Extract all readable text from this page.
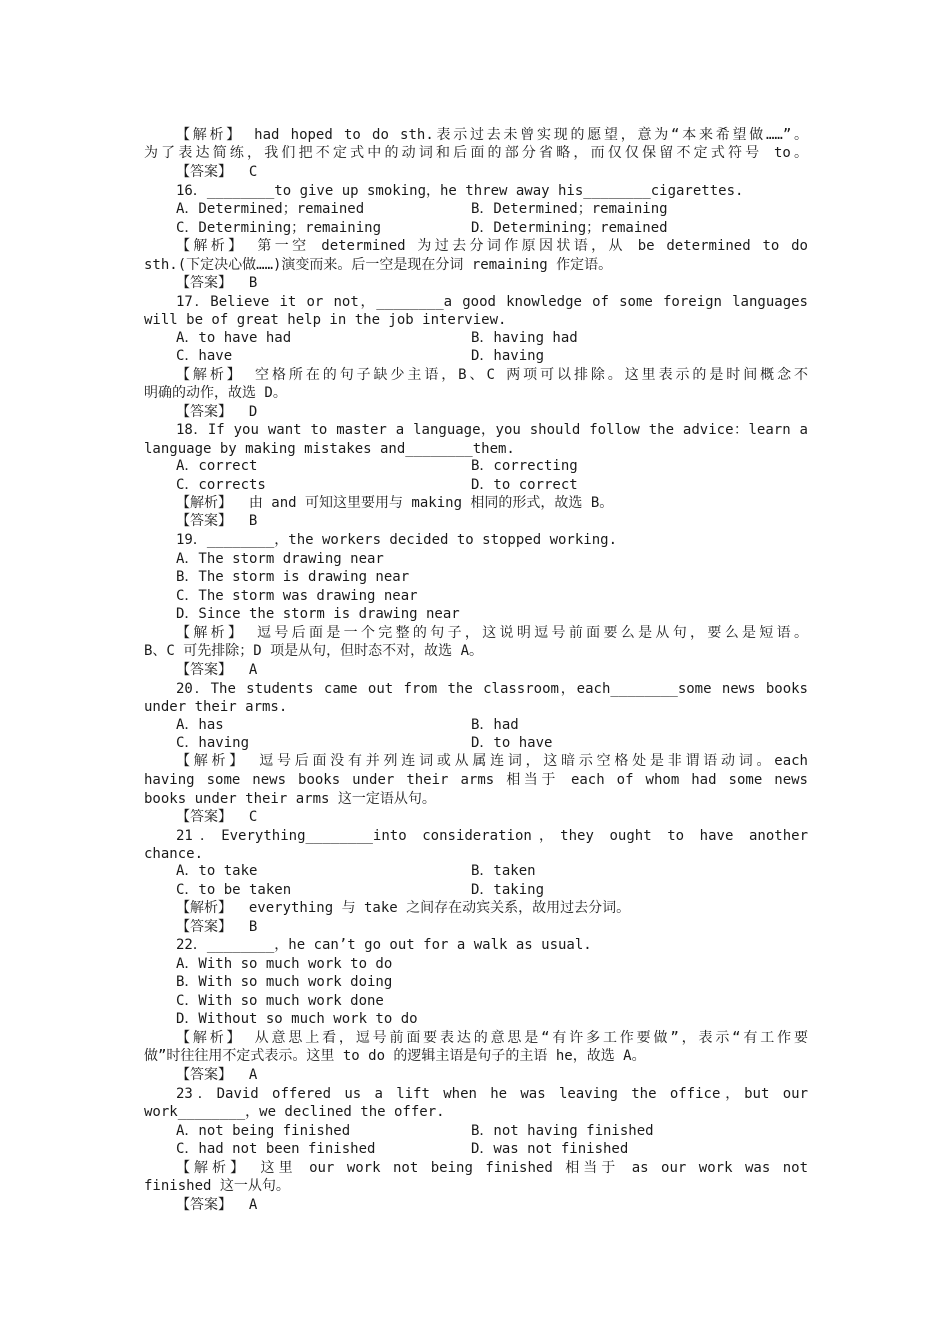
【解析】 had hoped to do sth.表示过去未曾实现的愿望，意为“本来希望做……”。
为了表达简练，我们把不定式中的动词和后面的部分省略，而仅仅保留不定式符号 to。
【答案】  C
16．________to give up smoking，he threw away his________cigarettes.
A．Determined；remained	B．Determined；remaining
C．Determining；remaining	D．Determining；remained
【解析】 第一空 determined 为过去分词作原因状语，从 be determined to do
sth.(下定决心做……)演变而来。后一空是现在分词 remaining 作定语。
【答案】  B
17．Believe it or not，________a good knowledge of some foreign languages
will be of great help in the job interview.
A．to have had	B．having had
C．have	D．having
【解析】 空格所在的句子缺少主语，B、C 两项可以排除。这里表示的是时间概念不
明确的动作，故选 D。
【答案】  D
18．If you want to master a language，you should follow the advice：learn a
language by making mistakes and________them.
A．correct	B．correcting
C．corrects	D．to correct
【解析】  由 and 可知这里要用与 making 相同的形式，故选 B。
【答案】  B
19．________，the workers decided to stopped working.
A．The storm drawing near
B．The storm is drawing near
C．The storm was drawing near
D．Since the storm is drawing near
【解析】 逗号后面是一个完整的句子，这说明逗号前面要么是从句，要么是短语。
B、C 可先排除；D 项是从句，但时态不对，故选 A。
【答案】  A
20．The students came out from the classroom，each________some news books
under their arms.
A．has	B．had
C．having	D．to have
【解析】 逗号后面没有并列连词或从属连词，这暗示空格处是非谓语动词。each
having some news books under their arms 相当于 each of whom had some news
books under their arms 这一定语从句。
【答案】  C
21．Everything________into consideration，they ought to have another
chance.
A．to take	B．taken
C．to be taken	D．taking
【解析】  everything 与 take 之间存在动宾关系，故用过去分词。
【答案】  B
22．________，he can’t go out for a walk as usual.
A．With so much work to do
B．With so much work doing
C．With so much work done
D．Without so much work to do
【解析】 从意思上看，逗号前面要表达的意思是“有许多工作要做”，表示“有工作要
做”时往往用不定式表示。这里 to do 的逻辑主语是句子的主语 he，故选 A。
【答案】  A
23．David offered us a lift when he was leaving the office，but our
work________，we declined the offer.
A．not being finished	B．not having finished
C．had not been finished	D．was not finished
【解析】 这里 our work not being finished 相当于 as our work was not
finished 这一从句。
【答案】  A
